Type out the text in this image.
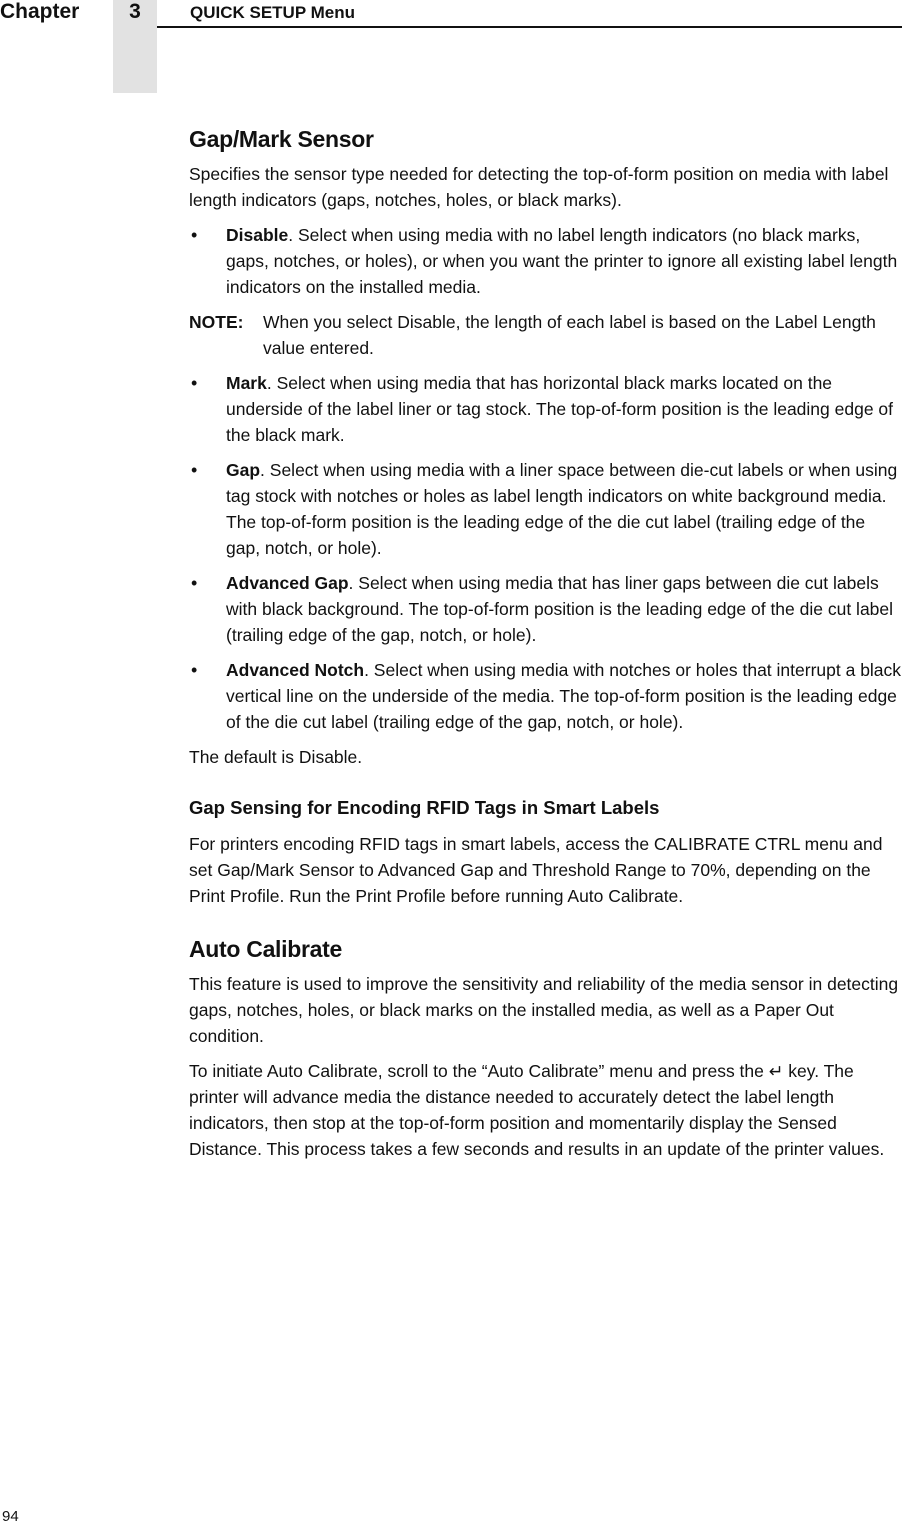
Chapter	3	QUICK SETUP Menu
Gap/Mark Sensor

Specifies the sensor type needed for detecting the top-of-form position on media with label length indicators (gaps, notches, holes, or black marks).

• Disable. Select when using media with no label length indicators (no black marks, gaps, notches, or holes), or when you want the printer to ignore all existing label length indicators on the installed media.
NOTE: When you select Disable, the length of each label is based on the Label Length value entered.
• Mark. Select when using media that has horizontal black marks located on the underside of the label liner or tag stock. The top-of-form position is the leading edge of the black mark.
• Gap. Select when using media with a liner space between die-cut labels or when using tag stock with notches or holes as label length indicators on white background media. The top-of-form position is the leading edge of the die cut label (trailing edge of the gap, notch, or hole).
• Advanced Gap. Select when using media that has liner gaps between die cut labels with black background. The top-of-form position is the leading edge of the die cut label (trailing edge of the gap, notch, or hole).
• Advanced Notch. Select when using media with notches or holes that interrupt a black vertical line on the underside of the media. The top-of-form position is the leading edge of the die cut label (trailing edge of the gap, notch, or hole).

The default is Disable.

Gap Sensing for Encoding RFID Tags in Smart Labels

For printers encoding RFID tags in smart labels, access the CALIBRATE CTRL menu and set Gap/Mark Sensor to Advanced Gap and Threshold Range to 70%, depending on the Print Profile. Run the Print Profile before running Auto Calibrate.

Auto Calibrate

This feature is used to improve the sensitivity and reliability of the media sensor in detecting gaps, notches, holes, or black marks on the installed media, as well as a Paper Out condition.

To initiate Auto Calibrate, scroll to the “Auto Calibrate” menu and press the ↵ key. The printer will advance media the distance needed to accurately detect the label length indicators, then stop at the top-of-form position and momentarily display the Sensed Distance. This process takes a few seconds and results in an update of the printer values.

94
